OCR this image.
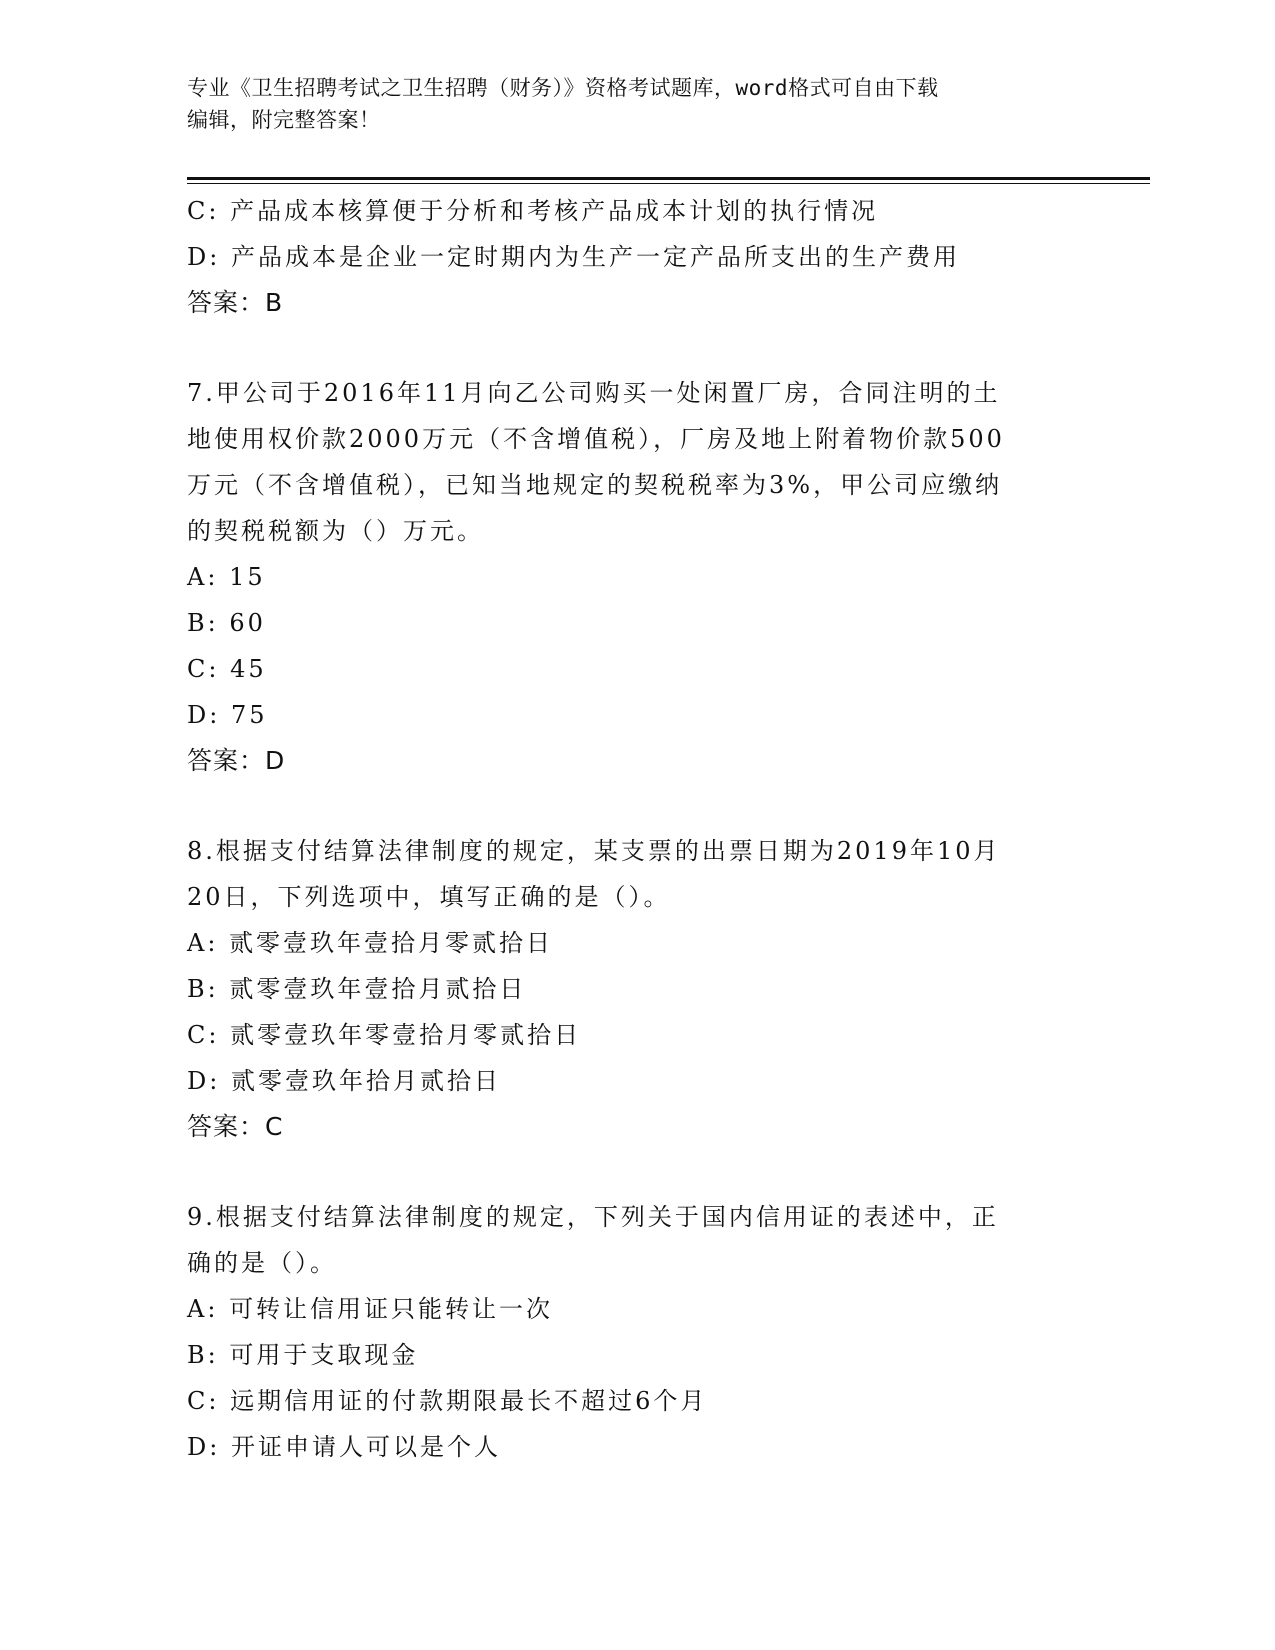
专业《卫生招聘考试之卫生招聘（财务）》资格考试题库，word格式可自由下载
编辑，附完整答案！
C: 产品成本核算便于分析和考核产品成本计划的执行情况
D: 产品成本是企业一定时期内为生产一定产品所支出的生产费用
答案：B
7.甲公司于2016年11月向乙公司购买一处闲置厂房，合同注明的土
地使用权价款2000万元（不含增值税），厂房及地上附着物价款500
万元（不含增值税），已知当地规定的契税税率为3%，甲公司应缴纳
的契税税额为（）万元。
A: 15
B: 60
C: 45
D: 75
答案：D
8.根据支付结算法律制度的规定，某支票的出票日期为2019年10月
20日，下列选项中，填写正确的是（）。
A: 贰零壹玖年壹拾月零贰拾日
B: 贰零壹玖年壹拾月贰拾日
C: 贰零壹玖年零壹拾月零贰拾日
D: 贰零壹玖年拾月贰拾日
答案：C
9.根据支付结算法律制度的规定，下列关于国内信用证的表述中，正
确的是（）。
A: 可转让信用证只能转让一次
B: 可用于支取现金
C: 远期信用证的付款期限最长不超过6个月
D: 开证申请人可以是个人
